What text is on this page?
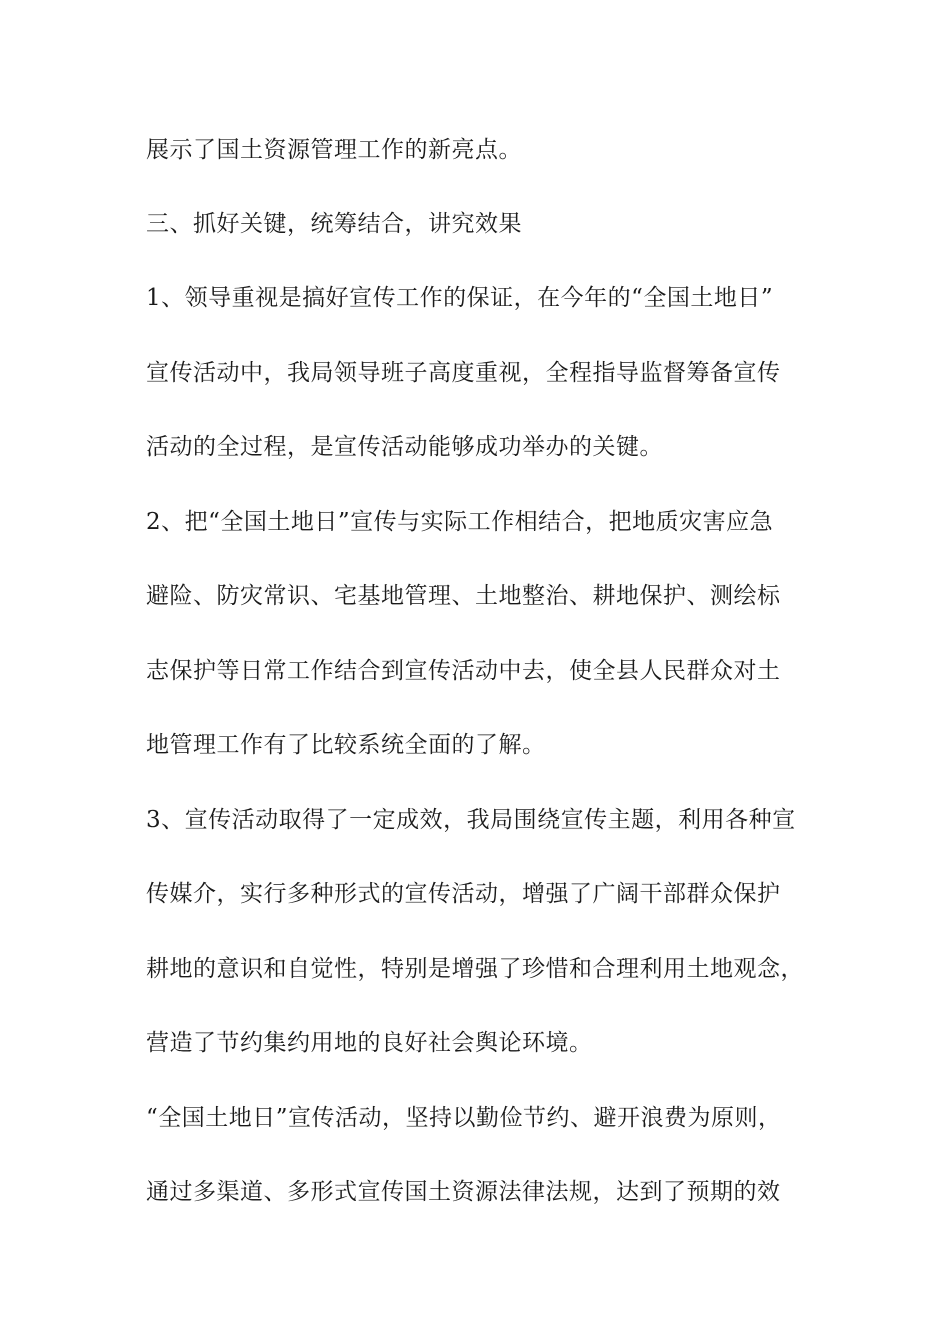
展示了国土资源管理工作的新亮点。
三、抓好关键，统筹结合，讲究效果
1、领导重视是搞好宣传工作的保证，在今年的“全国土地日”
宣传活动中，我局领导班子高度重视，全程指导监督筹备宣传
活动的全过程，是宣传活动能够成功举办的关键。
2、把“全国土地日”宣传与实际工作相结合，把地质灾害应急
避险、防灾常识、宅基地管理、土地整治、耕地保护、测绘标
志保护等日常工作结合到宣传活动中去，使全县人民群众对土
地管理工作有了比较系统全面的了解。
3、宣传活动取得了一定成效，我局围绕宣传主题，利用各种宣
传媒介，实行多种形式的宣传活动，增强了广阔干部群众保护
耕地的意识和自觉性，特别是增强了珍惜和合理利用土地观念，
营造了节约集约用地的良好社会舆论环境。
“全国土地日”宣传活动，坚持以勤俭节约、避开浪费为原则，
通过多渠道、多形式宣传国土资源法律法规，达到了预期的效
